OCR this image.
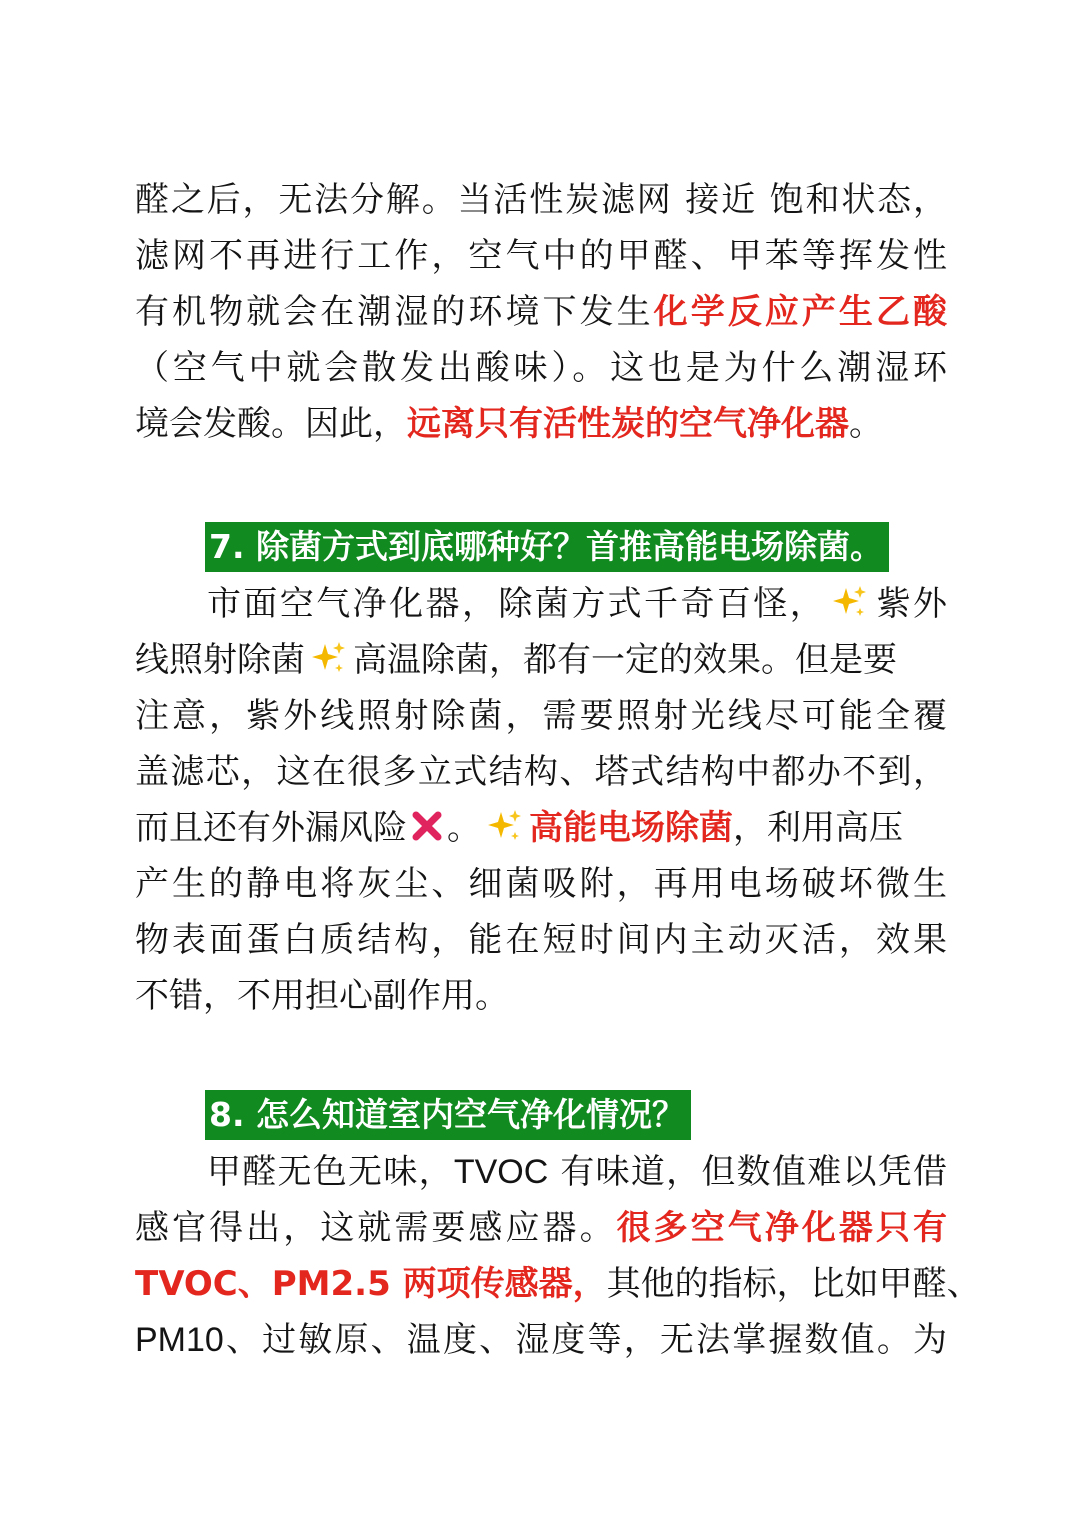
醛之后，无法分解。当活性炭滤网 接近 饱和状态，
滤网不再进行工作，空气中的甲醛、甲苯等挥发性
有机物就会在潮湿的环境下发生化学反应产生乙酸
（空气中就会散发出酸味）。这也是为什么潮湿环
境会发酸。因此，远离只有活性炭的空气净化器。
7. 除菌方式到底哪种好？首推高能电场除菌。
市面空气净化器，除菌方式千奇百怪， 紫外
线照射除菌 高温除菌，都有一定的效果。但是要
注意，紫外线照射除菌，需要照射光线尽可能全覆
盖滤芯，这在很多立式结构、塔式结构中都办不到，
而且还有外漏风险 。 高能电场除菌，利用高压
产生的静电将灰尘、细菌吸附，再用电场破坏微生
物表面蛋白质结构，能在短时间内主动灭活，效果
不错，不用担心副作用。
8. 怎么知道室内空气净化情况？
甲醛无色无味，TVOC 有味道，但数值难以凭借
感官得出，这就需要感应器。很多空气净化器只有
TVOC、PM2.5 两项传感器，其他的指标，比如甲醛、
PM10、过敏原、温度、湿度等，无法掌握数值。为
